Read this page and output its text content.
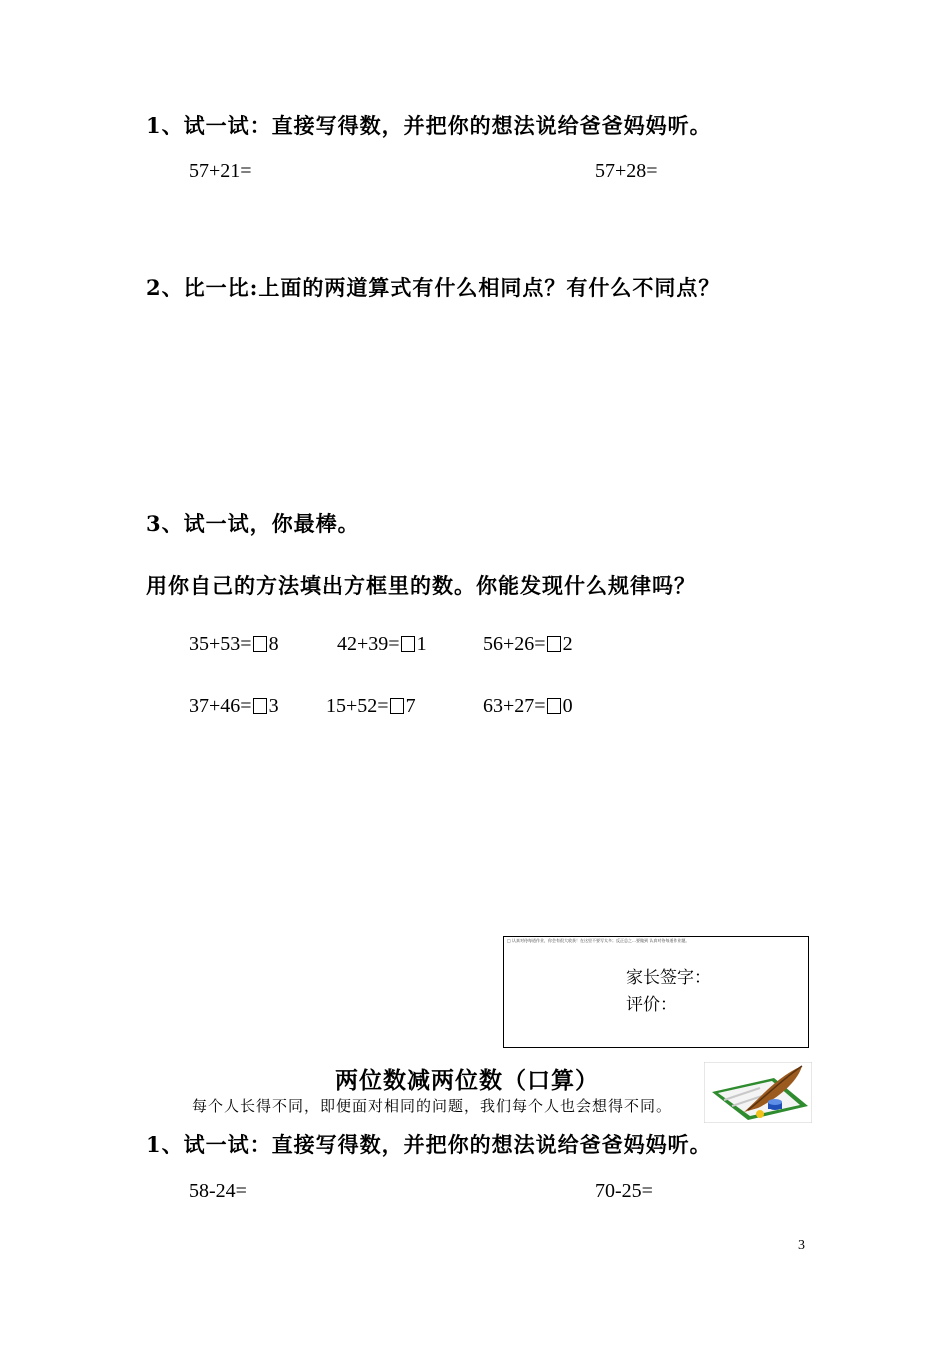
1、试一试：直接写得数，并把你的想法说给爸爸妈妈听。
57+21=	57+28=
2、比一比:上面的两道算式有什么相同点？有什么不同点？
3、试一试，你最棒。
用你自己的方法填出方框里的数。你能发现什么规律吗？
35+53= 8	42+39= 1	56+26= 2
37+46= 3 15+52= 7	63+27= 0
□ 认真对待每道作业，你会有很大收获！在这里不要写太多；反正总之…要做到 认真对待每道作业题。
家长签字：
评价：
两位数减两位数（口算）
每个人长得不同，即便面对相同的问题，我们每个人也会想得不同。
1、试一试：直接写得数，并把你的想法说给爸爸妈妈听。
58-24=	70-25=
3
